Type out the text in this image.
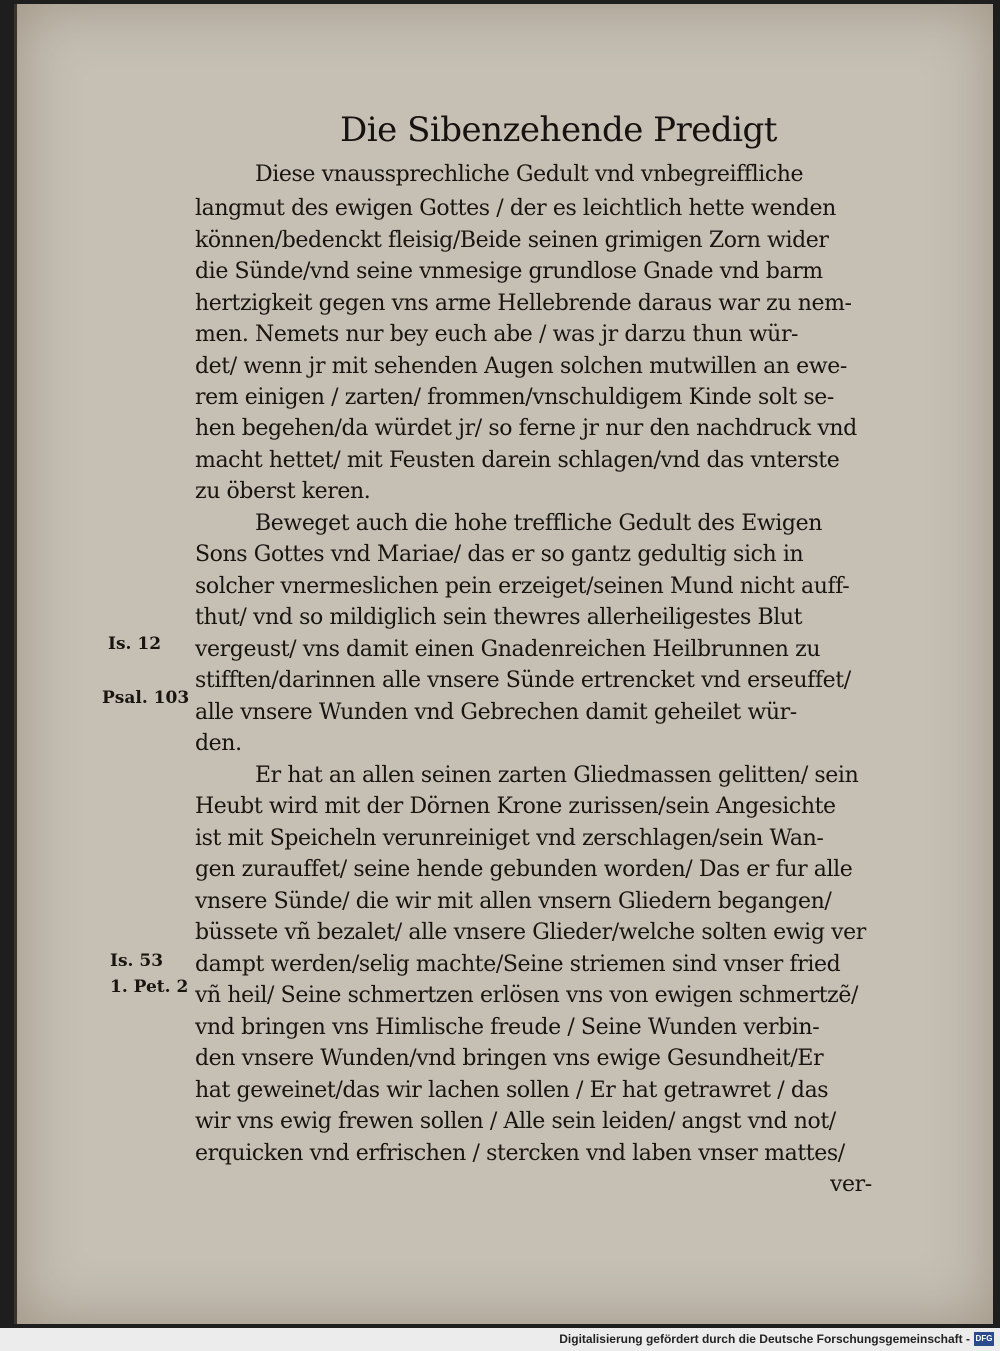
Die Sibenzehende Predigt
Diese vnaussprechliche Gedult vnd vnbegreiffliche
langmut des ewigen Gottes / der es leichtlich hette wenden
können/bedenckt fleisig/Beide seinen grimigen Zorn wider
die Sünde/vnd seine vnmesige grundlose Gnade vnd barm
hertzigkeit gegen vns arme Hellebrende daraus war zu nem-
men. Nemets nur bey euch abe / was jr darzu thun wür-
det/ wenn jr mit sehenden Augen solchen mutwillen an ewe-
rem einigen / zarten/ frommen/vnschuldigem Kinde solt se-
hen begehen/da würdet jr/ so ferne jr nur den nachdruck vnd
macht hettet/ mit Feusten darein schlagen/vnd das vnterste
zu öberst keren.
Beweget auch die hohe treffliche Gedult des Ewigen
Sons Gottes vnd Mariae/ das er so gantz gedultig sich in
solcher vnermeslichen pein erzeiget/seinen Mund nicht auff-
thut/ vnd so mildiglich sein thewres allerheiligestes Blut
vergeust/ vns damit einen Gnadenreichen Heilbrunnen zu
stifften/darinnen alle vnsere Sünde ertrencket vnd erseuffet/
alle vnsere Wunden vnd Gebrechen damit geheilet wür-
den.
Er hat an allen seinen zarten Gliedmassen gelitten/ sein
Heubt wird mit der Dörnen Krone zurissen/sein Angesichte
ist mit Speicheln verunreiniget vnd zerschlagen/sein Wan-
gen zurauffet/ seine hende gebunden worden/ Das er fur alle
vnsere Sünde/ die wir mit allen vnsern Gliedern begangen/
büssete vñ bezalet/ alle vnsere Glieder/welche solten ewig ver
dampt werden/selig machte/Seine striemen sind vnser fried
vñ heil/ Seine schmertzen erlösen vns von ewigen schmertzẽ/
vnd bringen vns Himlische freude / Seine Wunden verbin-
den vnsere Wunden/vnd bringen vns ewige Gesundheit/Er
hat geweinet/das wir lachen sollen / Er hat getrawret / das
wir vns ewig frewen sollen / Alle sein leiden/ angst vnd not/
erquicken vnd erfrischen / stercken vnd laben vnser mattes/
ver-
Is. 12
Psal. 103
Is. 53
1. Pet. 2
Digitalisierung gefördert durch die Deutsche Forschungsgemeinschaft - DFG
